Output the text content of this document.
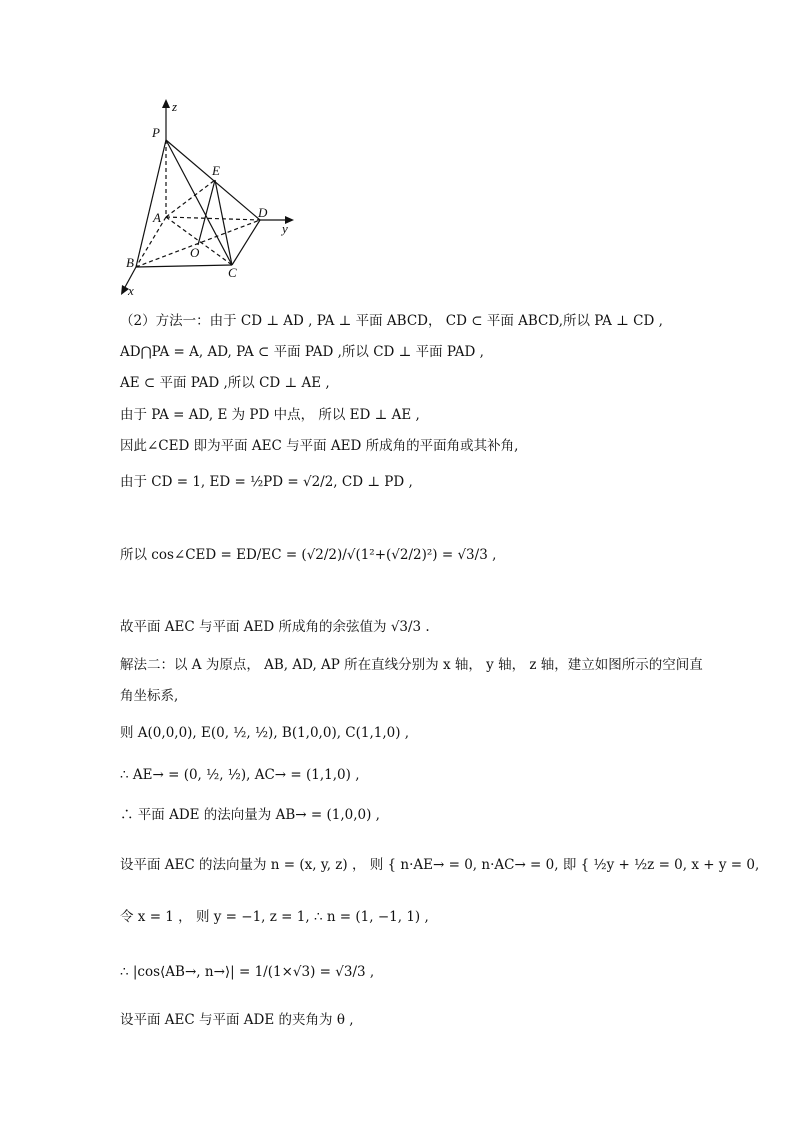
z
P
E
A	D
y
B
O
C
x
（2）方法一：由于 CD ⊥ AD , PA ⊥ 平面 ABCD， CD ⊂ 平面 ABCD,所以 PA ⊥ CD ,
AD⋂PA = A, AD, PA ⊂ 平面 PAD ,所以 CD ⊥ 平面 PAD ,
AE ⊂ 平面 PAD ,所以 CD ⊥ AE ,
由于 PA = AD, E 为 PD 中点， 所以 ED ⊥ AE ,
因此∠CED 即为平面 AEC 与平面 AED 所成角的平面角或其补角,
由于 CD = 1, ED = ½PD = √2/2, CD ⊥ PD ,
所以 cos∠CED = ED/EC = (√2/2)/√(1²+(√2/2)²) = √3/3 ,
故平面 AEC 与平面 AED 所成角的余弦值为 √3/3 .
解法二：以 A 为原点， AB, AD, AP 所在直线分别为 x 轴， y 轴， z 轴，建立如图所示的空间直
角坐标系,
则 A(0,0,0), E(0, ½, ½), B(1,0,0), C(1,1,0) ,
∴ AE→ = (0, ½, ½), AC→ = (1,1,0) ,
∴ 平面 ADE 的法向量为 AB→ = (1,0,0) ,
设平面 AEC 的法向量为 n = (x, y, z) ， 则 { n·AE→ = 0, n·AC→ = 0, 即 { ½y + ½z = 0, x + y = 0,
令 x = 1 ， 则 y = −1, z = 1, ∴ n = (1, −1, 1) ,
∴ |cos⟨AB→, n→⟩| = 1/(1×√3) = √3/3 ,
设平面 AEC 与平面 ADE 的夹角为 θ ,
